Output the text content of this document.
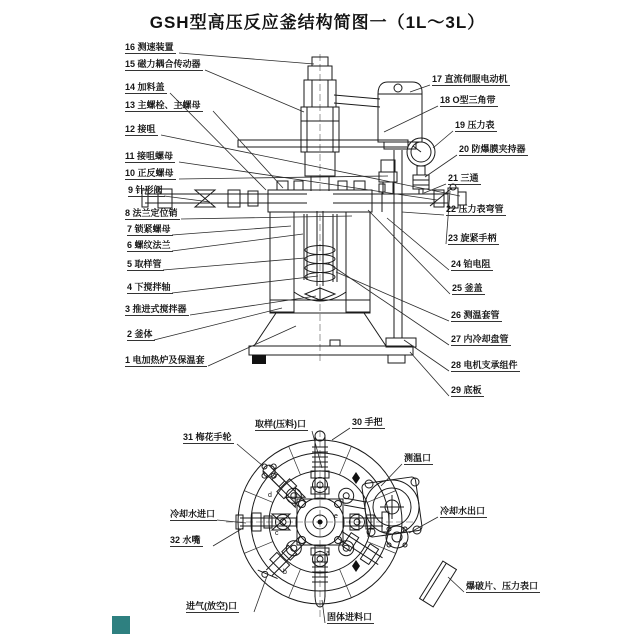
GSH型高压反应釜结构简图一（1L～3L）
a
b
c
d
e
f
16 测速装置
15 磁力耦合传动器
14 加料盖
13 主螺栓、主螺母
12 接咀
11 接咀螺母
10 正反螺母
9 针形阀
8 法兰定位销
7 锁紧螺母
6 螺纹法兰
5 取样管
4 下搅拌轴
3 推进式搅拌器
2 釜体
1 电加热炉及保温套
17 直流伺服电动机
18 O型三角带
19 压力表
20 防爆膜夹持器
21 三通
22 压力表弯管
23 旋紧手柄
24 铂电阻
25 釜盖
26 测温套管
27 内冷却盘管
28 电机支承组件
29 底板
取样(压料)口	30 手把
31 梅花手轮
测温口
冷却水出口
冷却水进口
32 水嘴
进气(放空)口
固体进料口
爆破片、压力表口
